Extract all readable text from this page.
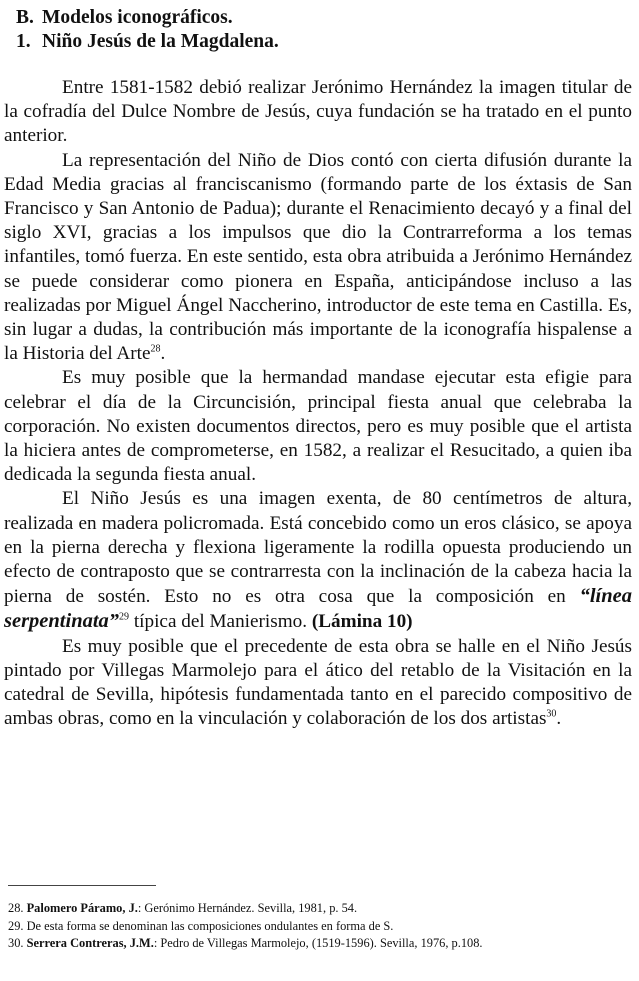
B. Modelos iconográficos.

1. Niño Jesús de la Magdalena.

Entre 1581-1582 debió realizar Jerónimo Hernández la imagen titular de la cofradía del Dulce Nombre de Jesús, cuya fundación se ha tratado en el punto anterior.

La representación del Niño de Dios contó con cierta difusión durante la Edad Media gracias al franciscanismo (formando parte de los éxtasis de San Francisco y San Antonio de Padua); durante el Renacimiento decayó y a final del siglo XVI, gracias a los impulsos que dio la Contrarreforma a los temas infantiles, tomó fuerza. En este sentido, esta obra atribuida a Jerónimo Hernández se puede considerar como pionera en España, anticipándose incluso a las realizadas por Miguel Ángel Naccherino, introductor de este tema en Castilla. Es, sin lugar a dudas, la contribución más importante de la iconografía hispalense a la Historia del Arte$^{28}$.

Es muy posible que la hermandad mandase ejecutar esta efigie para celebrar el día de la Circuncisión, principal fiesta anual que celebraba la corporación. No existen documentos directos, pero es muy posible que el artista la hiciera antes de comprometerse, en 1582, a realizar el Resucitado, a quien iba dedicada la segunda fiesta anual.

El Niño Jesús es una imagen exenta, de 80 centímetros de altura, realizada en madera policromada. Está concebido como un eros clásico, se apoya en la pierna derecha y flexiona ligeramente la rodilla opuesta produciendo un efecto de contraposto que se contrarresta con la inclinación de la cabeza hacia la pierna de sostén. Esto no es otra cosa que la composición en “línea serpentinata”$^{29}$ típica del Manierismo. (Lámina 10)

Es muy posible que el precedente de esta obra se halle en el Niño Jesús pintado por Villegas Marmolejo para el ático del retablo de la Visitación en la catedral de Sevilla, hipótesis fundamentada tanto en el parecido compositivo de ambas obras, como en la vinculación y colaboración de los dos artistas$^{30}$.

28. Palomero Páramo, J.: Gerónimo Hernández. Sevilla, 1981, p. 54.

29. De esta forma se denominan las composiciones ondulantes en forma de S.

30. Serrera Contreras, J.M.: Pedro de Villegas Marmolejo, (1519-1596). Sevilla, 1976, p.108.
